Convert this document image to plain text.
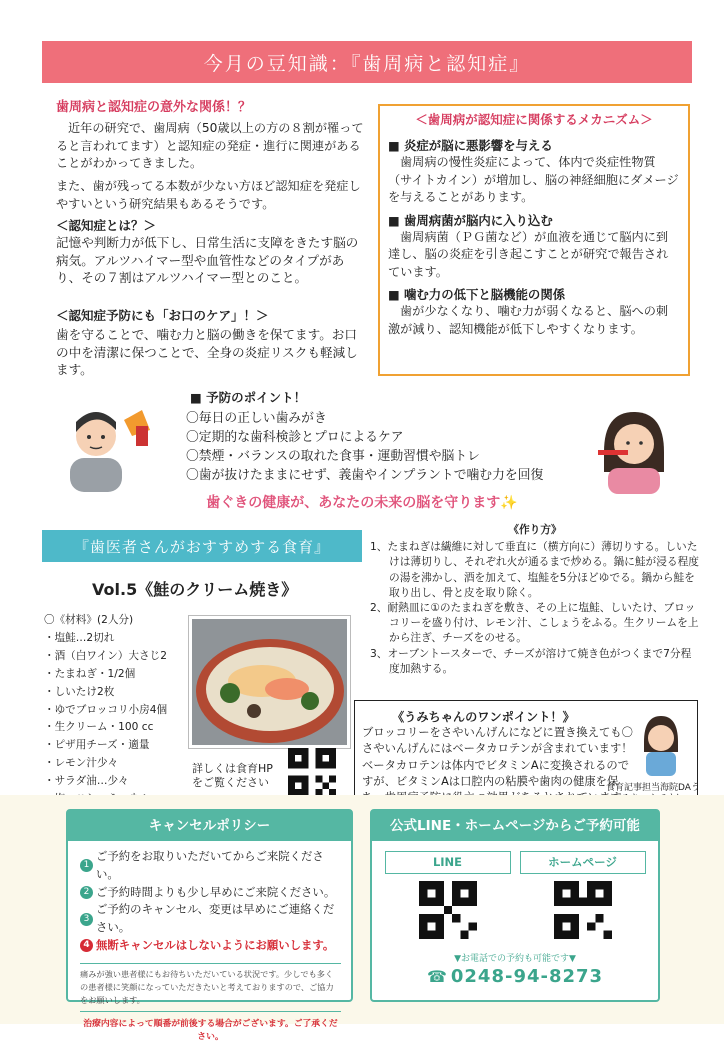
今月の豆知識：『歯周病と認知症』
歯周病と認知症の意外な関係！？
近年の研究で、歯周病（50歳以上の方の８割が罹ってると言われてます）と認知症の発症・進行に関連があることがわかってきました。
また、歯が残ってる本数が少ない方ほど認知症を発症しやすいという研究結果もあるそうです。
＜認知症とは？＞
記憶や判断力が低下し、日常生活に支障をきたす脳の病気。アルツハイマー型や血管性などのタイプがあり、その７割はアルツハイマー型とのこと。
＜認知症予防にも「お口のケア」！＞
歯を守ることで、噛む力と脳の働きを保てます。お口の中を清潔に保つことで、全身の炎症リスクも軽減します。
＜歯周病が認知症に関係するメカニズム＞
■ 炎症が脳に悪影響を与える
歯周病の慢性炎症によって、体内で炎症性物質（サイトカイン）が増加し、脳の神経細胞にダメージを与えることがあります。
■ 歯周病菌が脳内に入り込む
歯周病菌（ＰＧ菌など）が血液を通じて脳内に到達し、脳の炎症を引き起こすことが研究で報告されています。
■ 噛む力の低下と脳機能の関係
歯が少なくなり、噛む力が弱くなると、脳への刺激が減り、認知機能が低下しやすくなります。
■ 予防のポイント！
〇毎日の正しい歯みがき
〇定期的な歯科検診とプロによるケア
〇禁煙・バランスの取れた食事・運動習慣や脳トレ
〇歯が抜けたままにせず、義歯やインプラントで噛む力を回復
歯ぐきの健康が、あなたの未来の脳を守ります✨
『歯医者さんがおすすめする食育』
Vol.5《鮭のクリーム焼き》
〇《材料》(2人分)
・塩鮭…2切れ
・酒（白ワイン）大さじ2
・たまねぎ・1/2個
・しいたけ2枚
・ゆでブロッコリ小房4個
・生クリーム・100 cc
・ピザ用チーズ・適量
・レモン汁少々
・サラダ油…少々
詳しくは食育HP
をご覧ください
《作り方》
1、たまねぎは繊維に対して垂直に（横方向に）薄切りする。しいたけは薄切りし、それぞれ火が通るまで炒める。鍋に鮭が浸る程度の湯を沸かし、酒を加えて、塩鮭を5分ほどゆでる。鍋から鮭を取り出し、骨と皮を取り除く。
2、耐熱皿に①のたまねぎを敷き、その上に塩鮭、しいたけ、ブロッコリーを盛り付け、レモン汁、こしょうをふる。生クリームを上から注ぎ、チーズをのせる。
3、オーブントースターで、チーズが溶けて焼き色がつくまで7分程度加熱する。
《うみちゃんのワンポイント！》
ブロッコリーをさやいんげんになどに置き換えても〇さやいんげんにはベータカロテンが含まれています！ベータカロテンは体内でビタミンAに変換されるのですが、ビタミンAは口腔内の粘膜や歯肉の健康を保
食育記事担当海院DAう
キャンセルポリシー
1
ご予約をお取りいただいてからご来院ください。
2 ご予約時間よりも少し早めにご来院ください。
3
ご予約のキャンセル、変更は早めにご連絡ください。
4 無断キャンセルはしないようにお願いします。
痛みが強い患者様にもお待ちいただいている状況です。少しでも多くの患者様に笑顔になっていただきたいと考えておりますので、ご協力をお願いします。
治療内容によって順番が前後する場合がございます。ご了承ください。
公式LINE・ホームページからご予約可能
LINE	ホームページ
▼お電話での予約も可能です▼
☎ 0248-94-8273
